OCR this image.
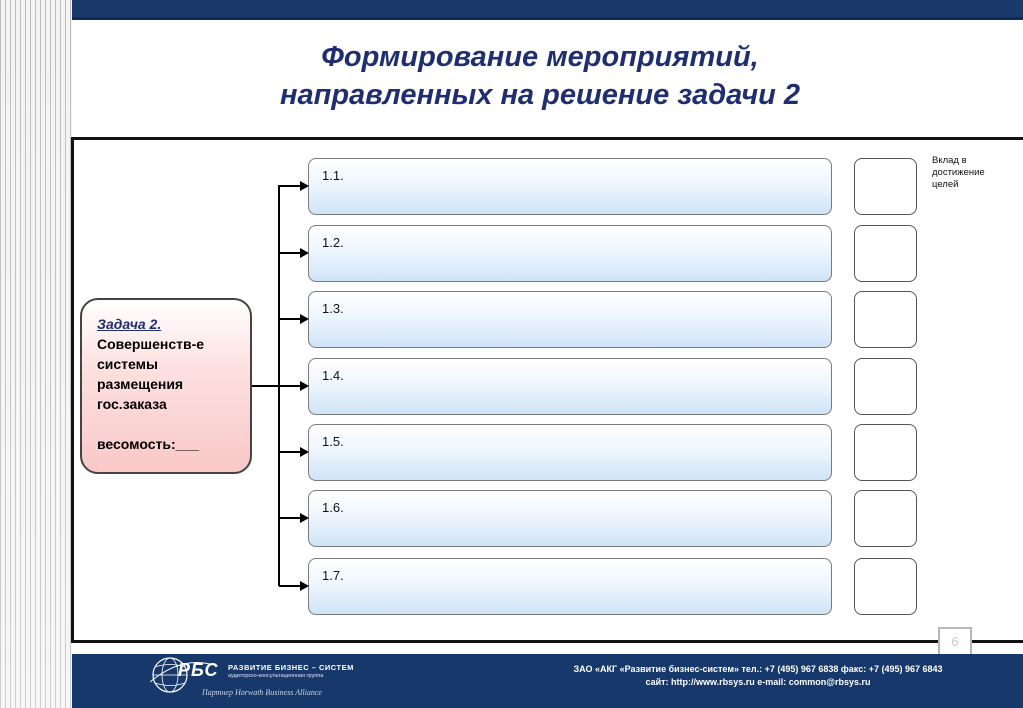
Формирование мероприятий,
направленных на решение задачи 2
Задача 2.
Совершенств-е
системы
размещения
гос.заказа
весомость:___
1.1.
1.2.
1.3.
1.4.
1.5.
1.6.
1.7.
Вклад в
достижение
целей
6
РБС РАЗВИТИЕ БИЗНЕС – СИСТЕМ
аудиторско-консультационная группа
Партнер Horwath Business Alliance
ЗАО «АКГ «Развитие бизнес-систем» тел.: +7 (495) 967 6838 факс: +7 (495) 967 6843
сайт: http://www.rbsys.ru e-mail: common@rbsys.ru
